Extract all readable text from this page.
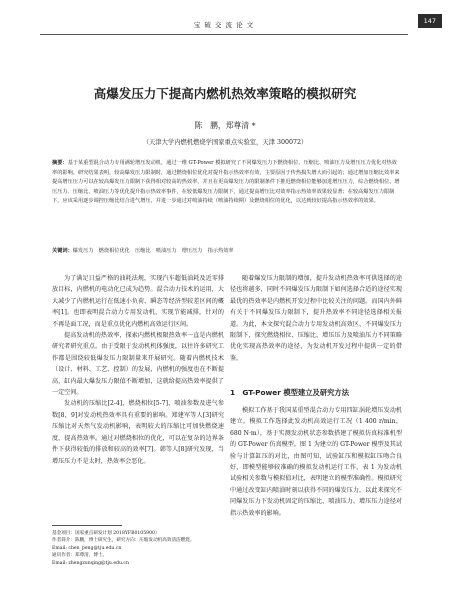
宝 破 交 流 论 文	147
高爆发压力下提高内燃机热效率策略的模拟研究
陈　鹏，郑尊清 *
（天津大学内燃机燃烧学国家重点实验室，天津 300072）
摘要：基于某重型混合动力专用满轮增压发动机，通过一维 GT-Power 模拟研究了不同爆发压力下燃烧相位、压缩比、喷油压力及增压压力优化对热效率的影响。研究结果表明，较高爆发压力限制时，通过燃烧相位优化对提升指示热效率有效，主要原因于传热损失增大而引起的；通过增加压缩比效率来提高增压压力可以在较高爆发压力限制下获得相对较高的热效率，并且在更高爆发压力的限制条件下推迟燃烧相位能够加进增压压力，综合燃烧相位、增压压力、压缩比、喷油压力等优化提升指示热效率事件，在较低爆发压力限制下，通过提高增压比对效率指示热效率效果较显著；在较高爆发压力限制下，应该采用逐步调控压缩比结合进气增压，并进一步通过对喷油持续（喷油持续期）及燃烧相位的优化，以达到较好提高指示热效率的效果。
关键词：爆发压力　燃烧相位优化　压缩比　喷油压力　增压压力　指示热效率

为了满足日益严格的油耗法规，实现汽车超低油耗及近零排放目标，内燃机的电动化已成为趋势。混合动力技术的运用，大大减少了内燃机运行在低速小负荷、瞬态等经济型较差区间的概率[1]。也即表明混合动力专用发动机，实现节能减排，针对的不再是面工况，而是重点优化内燃机高效运行区间。

提高发动机的热效率，探索内燃机极限热效率一直是内燃机研究者研究重点。由于受限于发动机机体强度，以往许多研究工作都是围绕较低爆发压力限制量来开展研究。随着内燃机技术（设计、材料、工艺、控制）的发展，内燃机的强度也在不断提高，缸内最大爆发压力限值不断增加，这就给提高热效率提供了一定空间。

发动机的压缩比[2-4]、燃烧相位[5-7]、喷油参数及进气参数[8，9]对发动机热效率具有重要的影响。郑建军等人[3]研究压缩比对天然气发动机影响，表明较大的压缩比可加快燃烧速度，提高热效率。通过对燃烧相位的优化，可以在复杂的边界条件下获得较低的排放和较高的效率[7]。韩等人[8]研究发现，当增压压力不是太时，热效率会恶化。

随着爆发压力限制的增加，提升发动机热效率可供选择的途径也将越多，同时不同爆发压力限制下如何选择合适的途径实现最优的热效率是内燃机开发过程中比较关注的问题。而国内外鲜有关于不同爆发压力限制下，提升热效率不同途径选择相关报道。为此，本文探究混合动力专用发动机高效区、不同爆发压力限制下，探究燃烧相位、压缩比、增压压力及喷油压力不同策略优化实现高热效率的途径，为发动机开发过程中提供一定的借鉴。

1　GT-Power 模型建立及研究方法

模拟工作基于我国某重型混合动力专用四缸涡轮增压发动机建立。模拟工作选择此发动机高效运行工况（1 400 r/min，680 N·m），基于实测发动机状态参数搭建了模拟仿真标准机型的 GT-Power 仿真模型。图 1 为建立的 GT-Power 模型及其试验与计算缸压的对比，由图可知，试验缸压和模拟缸压吻合良好，即模型能够较准确的模拟发动机运行工作，表 1 为发动机试验相关参数与模拟值对比，表明建立的模型准确性。模拟研究中通过改变缸内喷油时刻以获得不同的爆发压力，以此来探究不同爆发压力下发动机固定的压缩比、喷油压力、增压压力途径对指示热效率的影响。

基金项目：国家重点研发计划 2018YFB0105900）
作者简介：陈鹏，博士研究生，研究方向：压缩发动机高效清洁燃烧。
Email: chen_peng@tju.edu.cn
通讯作者：郑尊清，博士。
Email: zhengzunqing@tju.edu.cn
